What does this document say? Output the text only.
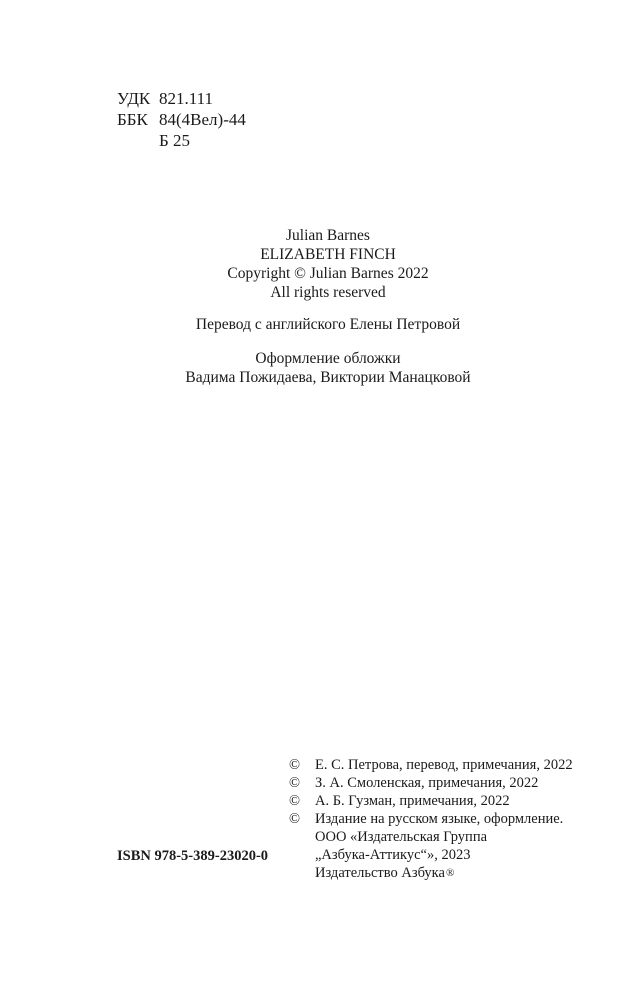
УДК 821.111
ББК 84(4Вел)-44
Б 25
Julian Barnes
ELIZABETH FINCH
Copyright © Julian Barnes 2022
All rights reserved
Перевод с английского Елены Петровой
Оформление обложки
Вадима Пожидаева, Виктории Манацковой
©	Е. С. Петрова, перевод, примечания, 2022
©	З. А. Смоленская, примечания, 2022
©	А. Б. Гузман, примечания, 2022
©	Издание на русском языке, оформление.
ООО «Издательская Группа
„Азбука-Аттикус“», 2023
Издательство Азбука ®
ISBN 978-5-389-23020-0
